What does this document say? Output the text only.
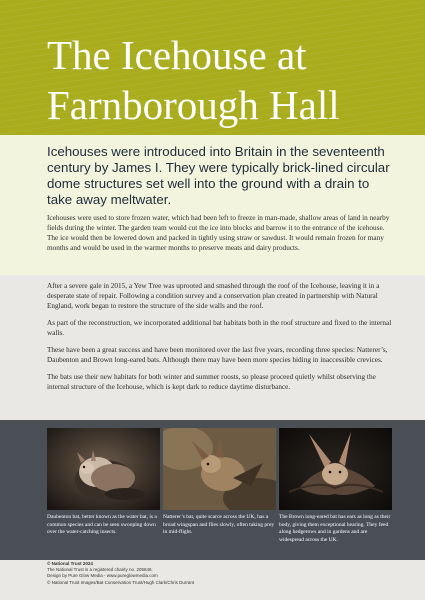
The Icehouse at Farnborough Hall

Icehouses were introduced into Britain in the seventeenth century by James I. They were typically brick-lined circular dome structures set well into the ground with a drain to take away meltwater.

Icehouses were used to store frozen water, which had been left to freeze in man-made, shallow areas of land in nearby fields during the winter. The garden team would cut the ice into blocks and barrow it to the entrance of the icehouse. The ice would then be lowered down and packed in tightly using straw or sawdust. It would remain frozen for many months and would be used in the warmer months to preserve meats and dairy products.

After a severe gale in 2015, a Yew Tree was uprooted and smashed through the roof of the Icehouse, leaving it in a desperate state of repair. Following a condition survey and a conservation plan created in partnership with Natural England, work began to restore the structure of the side walls and the roof.

As part of the reconstruction, we incorporated additional bat habitats both in the roof structure and fixed to the internal walls.

These have been a great success and have been monitored over the last five years, recording three species: Natterer’s, Daubenton and Brown long-eared bats. Although there may have been more species hiding in inaccessible crevices.

The bats use their new habitats for both winter and summer roosts, so please proceed quietly whilst observing the internal structure of the Icehouse, which is kept dark to reduce daytime disturbance.

Daubenton bat, better known as the water bat, is a common species and can be seen swooping down over the water-catching insects.

Natterer’s bat, quite scarce across the UK, has a broad wingspan and flies slowly, often taking prey in mid-flight.

The Brown long-eared bat has ears as long as their body, giving them exceptional hearing. They feed along hedgerows and in gardens and are widespread across the UK.

© National Trust 2024
The National Trust is a registered charity no. 205846.
Design by Pure Glow Media - www.pureglowmedia.com
© National Trust Images/Bat Conservation Trust/Hugh Clark/Chris Durrant
